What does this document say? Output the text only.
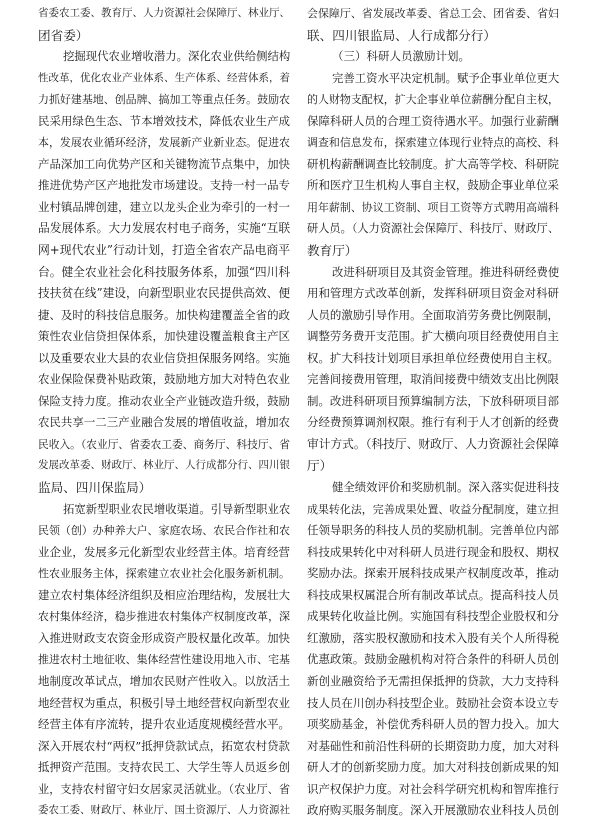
省委农工委、教育厅、人力资源社会保障厅、林业厅、
团省委）
挖掘现代农业增收潜力。深化农业供给侧结构
性改革，优化农业产业体系、生产体系、经营体系，着
力抓好建基地、创品牌、搞加工等重点任务。鼓励农
民采用绿色生态、节本增效技术，降低农业生产成
本，发展农业循环经济，发展新产业新业态。促进农
产品深加工向优势产区和关键物流节点集中，加快
推进优势产区产地批发市场建设。支持一村一品专
业村镇品牌创建，建立以龙头企业为牵引的一村一
品发展体系。大力发展农村电子商务，实施“互联
网+现代农业”行动计划，打造全省农产品电商平
台。健全农业社会化科技服务体系，加强“四川科
技扶贫在线”建设，向新型职业农民提供高效、便
捷、及时的科技信息服务。加快构建覆盖全省的政
策性农业信贷担保体系，加快建设覆盖粮食主产区
以及重要农业大县的农业信贷担保服务网络。实施
农业保险保费补贴政策，鼓励地方加大对特色农业
保险支持力度。推动农业全产业链改造升级，鼓励
农民共享一二三产业融合发展的增值收益，增加农
民收入。（农业厅、省委农工委、商务厅、科技厅、省
发展改革委、财政厅、林业厅、人行成都分行、四川银
监局、四川保监局）
拓宽新型职业农民增收渠道。引导新型职业农
民领（创）办种养大户、家庭农场、农民合作社和农
业企业，发展多元化新型农业经营主体。培育经营
性农业服务主体，探索建立农业社会化服务新机制。
建立农村集体经济组织及相应治理结构，发展壮大
农村集体经济，稳步推进农村集体产权制度改革，深
入推进财政支农资金形成资产股权量化改革。加快
推进农村土地征收、集体经营性建设用地入市、宅基
地制度改革试点，增加农民财产性收入。以放活土
地经营权为重点，积极引导土地经营权向新型农业
经营主体有序流转，提升农业适度规模经营水平。
深入开展农村“两权”抵押贷款试点，拓宽农村贷款
抵押资产范围。支持农民工、大学生等人员返乡创
业，支持农村留守妇女居家灵活就业。（农业厅、省
委农工委、财政厅、林业厅、国土资源厅、人力资源社
会保障厅、省发展改革委、省总工会、团省委、省妇
联、四川银监局、人行成都分行）
（三）科研人员激励计划。
完善工资水平决定机制。赋予企事业单位更大
的人财物支配权，扩大企事业单位薪酬分配自主权，
保障科研人员的合理工资待遇水平。加强行业薪酬
调查和信息发布，探索建立体现行业特点的高校、科
研机构薪酬调查比较制度。扩大高等学校、科研院
所和医疗卫生机构人事自主权，鼓励企事业单位采
用年薪制、协议工资制、项目工资等方式聘用高端科
研人员。（人力资源社会保障厅、科技厅、财政厅、
教育厅）
改进科研项目及其资金管理。推进科研经费使
用和管理方式改革创新，发挥科研项目资金对科研
人员的激励引导作用。全面取消劳务费比例限制，
调整劳务费开支范围。扩大横向项目经费使用自主
权。扩大科技计划项目承担单位经费使用自主权。
完善间接费用管理，取消间接费中绩效支出比例限
制。改进科研项目预算编制方法，下放科研项目部
分经费预算调剂权限。推行有利于人才创新的经费
审计方式。（科技厅、财政厅、人力资源社会保障
厅）
健全绩效评价和奖励机制。深入落实促进科技
成果转化法，完善成果处置、收益分配制度，建立担
任领导职务的科技人员的奖励机制。完善单位内部
科技成果转化中对科研人员进行现金和股权、期权
奖励办法。探索开展科技成果产权制度改革，推动
科技成果权属混合所有制改革试点。提高科技人员
成果转化收益比例。实施国有科技型企业股权和分
红激励，落实股权激励和技术入股有关个人所得税
优惠政策。鼓励金融机构对符合条件的科研人员创
新创业融资给予无需担保抵押的贷款，大力支持科
技人员在川创办科技型企业。鼓励社会资本设立专
项奖励基金，补偿优秀科研人员的智力投入。加大
对基础性和前沿性科研的长期资助力度，加大对科
研人才的创新奖励力度。加大对科技创新成果的知
识产权保护力度。对社会科学研究机构和智库推行
政府购买服务制度。深入开展激励农业科技人员创
